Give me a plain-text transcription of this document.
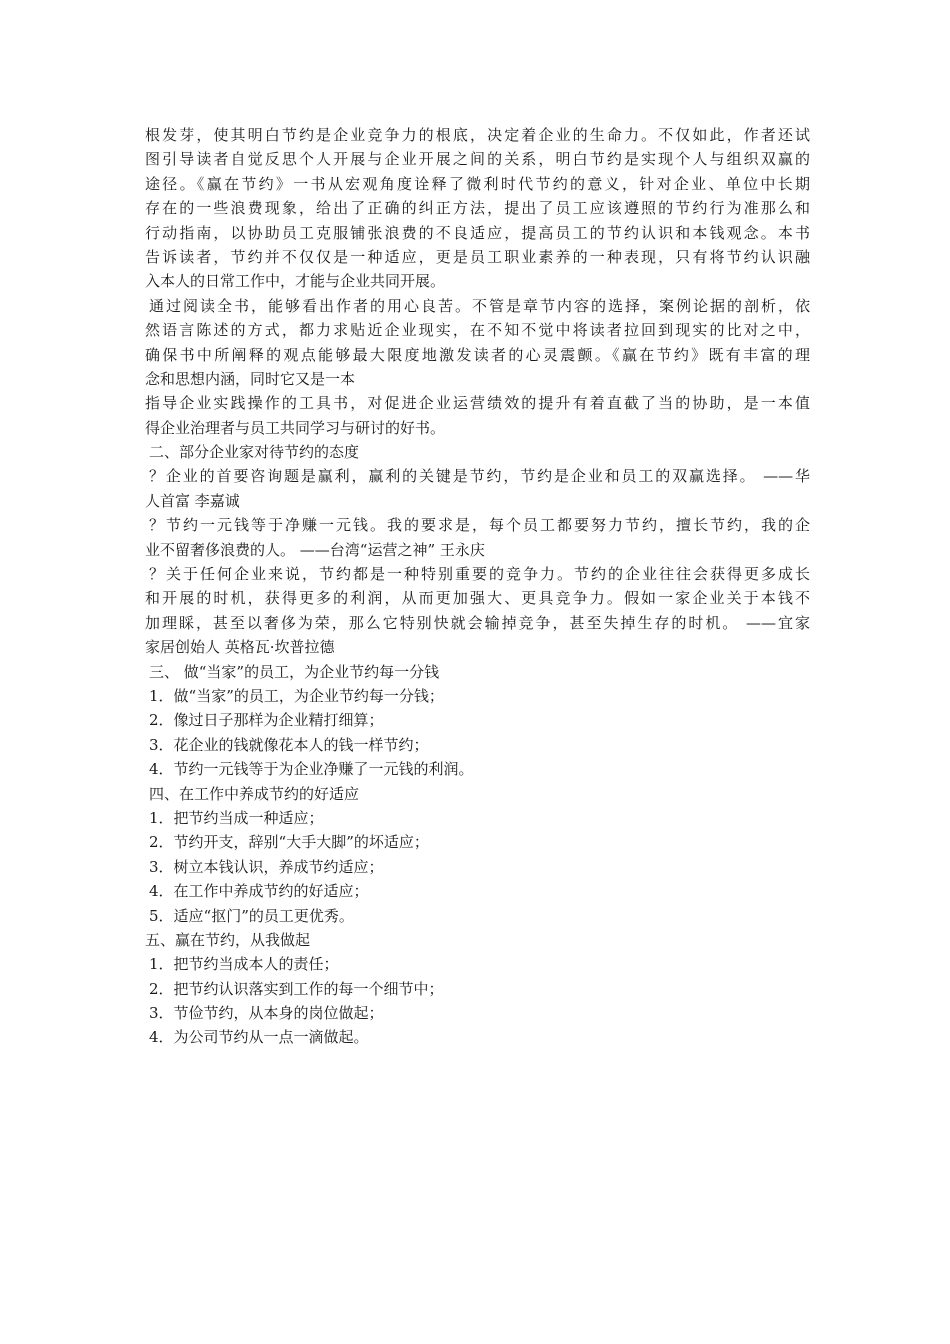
根发芽，使其明白节约是企业竞争力的根底，决定着企业的生命力。不仅如此，作者还试
图引导读者自觉反思个人开展与企业开展之间的关系，明白节约是实现个人与组织双赢的
途径。《赢在节约》一书从宏观角度诠释了微利时代节约的意义，针对企业、单位中长期
存在的一些浪费现象，给出了正确的纠正方法，提出了员工应该遵照的节约行为准那么和
行动指南，以协助员工克服铺张浪费的不良适应，提高员工的节约认识和本钱观念。本书
告诉读者，节约并不仅仅是一种适应，更是员工职业素养的一种表现，只有将节约认识融
入本人的日常工作中，才能与企业共同开展。
通过阅读全书，能够看出作者的用心良苦。不管是章节内容的选择，案例论据的剖析，依
然语言陈述的方式，都力求贴近企业现实，在不知不觉中将读者拉回到现实的比对之中，
确保书中所阐释的观点能够最大限度地激发读者的心灵震颤。《赢在节约》既有丰富的理
念和思想内涵，同时它又是一本
指导企业实践操作的工具书，对促进企业运营绩效的提升有着直截了当的协助，是一本值
得企业治理者与员工共同学习与研讨的好书。
二、部分企业家对待节约的态度
？企业的首要咨询题是赢利，赢利的关键是节约，节约是企业和员工的双赢选择。 ——华
人首富 李嘉诚
？节约一元钱等于净赚一元钱。我的要求是，每个员工都要努力节约，擅长节约，我的企
业不留奢侈浪费的人。 ——台湾“运营之神” 王永庆
？关于任何企业来说，节约都是一种特别重要的竞争力。节约的企业往往会获得更多成长
和开展的时机，获得更多的利润，从而更加强大、更具竞争力。假如一家企业关于本钱不
加理睬，甚至以奢侈为荣，那么它特别快就会输掉竞争，甚至失掉生存的时机。 ——宜家
家居创始人 英格瓦·坎普拉德
三、 做“当家”的员工，为企业节约每一分钱
1．做“当家”的员工，为企业节约每一分钱；
2．像过日子那样为企业精打细算；
3．花企业的钱就像花本人的钱一样节约；
4．节约一元钱等于为企业净赚了一元钱的利润。
四、在工作中养成节约的好适应
1．把节约当成一种适应；
2．节约开支，辞别“大手大脚”的坏适应；
3．树立本钱认识，养成节约适应；
4．在工作中养成节约的好适应；
5．适应“抠门”的员工更优秀。
五、赢在节约，从我做起
1．把节约当成本人的责任；
2．把节约认识落实到工作的每一个细节中；
3．节俭节约，从本身的岗位做起；
4．为公司节约从一点一滴做起。
